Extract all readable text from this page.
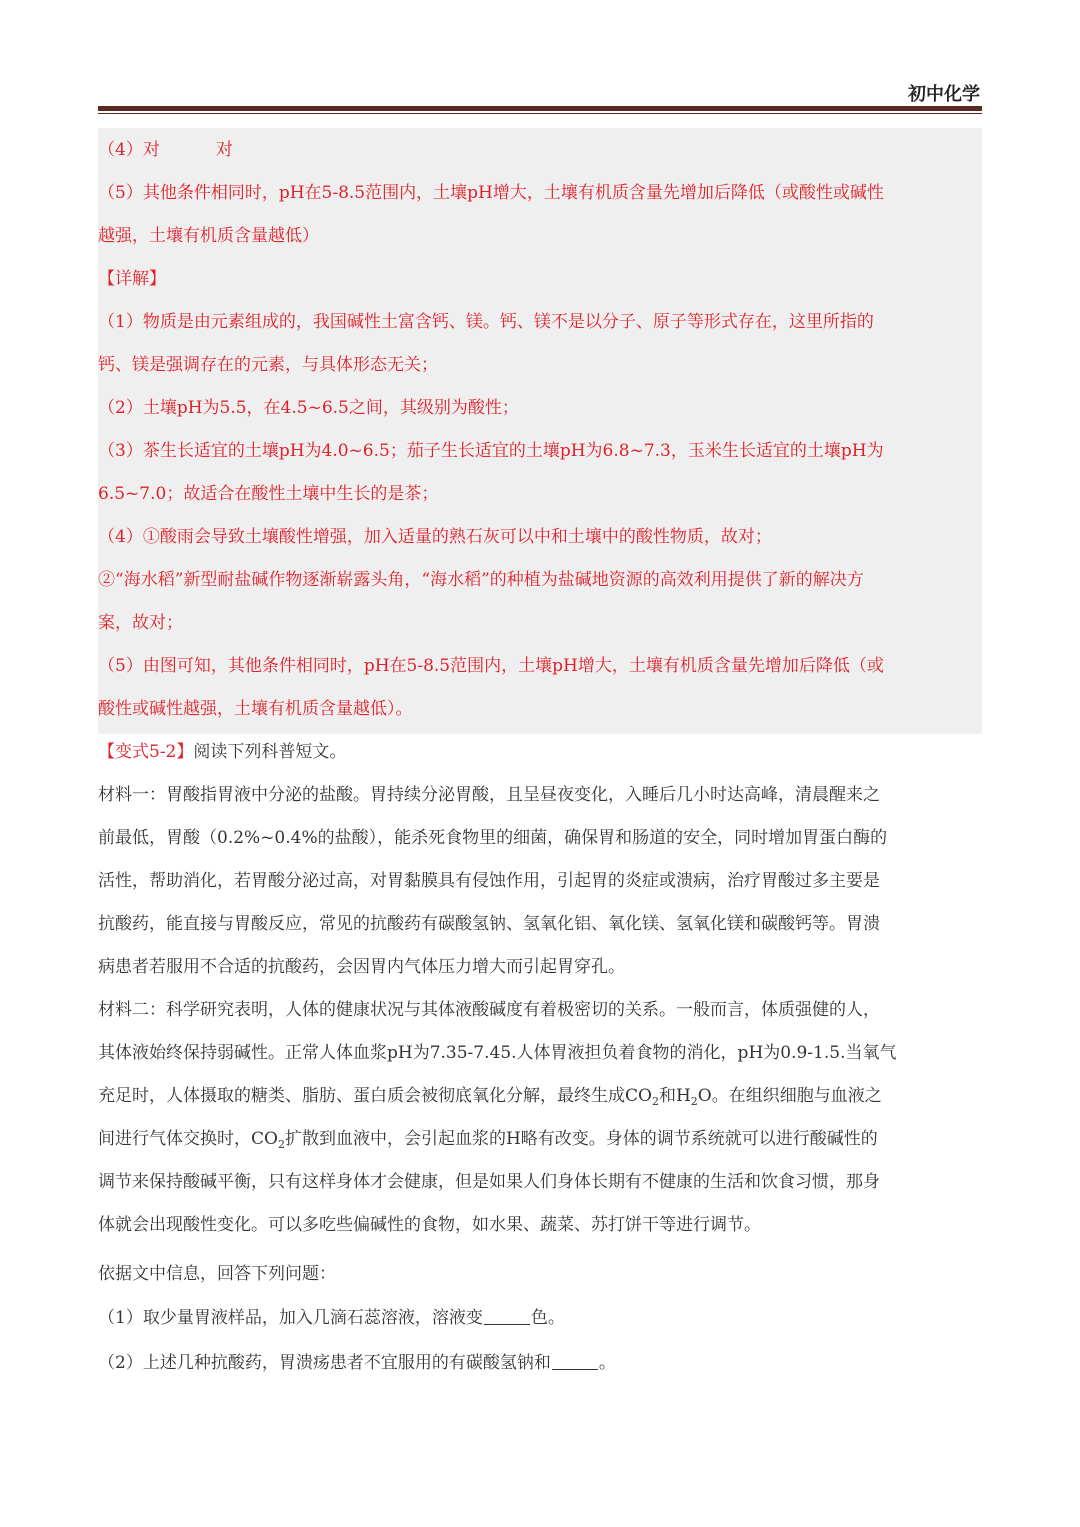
初中化学
（4）对	对
（5）其他条件相同时，pH在5-8.5范围内，土壤pH增大，土壤有机质含量先增加后降低（或酸性或碱性
越强，土壤有机质含量越低）
【详解】
（1）物质是由元素组成的，我国碱性土富含钙、镁。钙、镁不是以分子、原子等形式存在，这里所指的
钙、镁是强调存在的元素，与具体形态无关；
（2）土壤pH为5.5，在4.5~6.5之间，其级别为酸性；
（3）茶生长适宜的土壤pH为4.0~6.5；茄子生长适宜的土壤pH为6.8~7.3，玉米生长适宜的土壤pH为
6.5~7.0；故适合在酸性土壤中生长的是茶；
（4）①酸雨会导致土壤酸性增强，加入适量的熟石灰可以中和土壤中的酸性物质，故对；
②“海水稻”新型耐盐碱作物逐渐崭露头角，“海水稻”的种植为盐碱地资源的高效利用提供了新的解决方
案，故对；
（5）由图可知，其他条件相同时，pH在5-8.5范围内，土壤pH增大，土壤有机质含量先增加后降低（或
酸性或碱性越强，土壤有机质含量越低）。
【变式5-2】阅读下列科普短文。
材料一：胃酸指胃液中分泌的盐酸。胃持续分泌胃酸，且呈昼夜变化，入睡后几小时达高峰，清晨醒来之
前最低，胃酸（0.2%~0.4%的盐酸），能杀死食物里的细菌，确保胃和肠道的安全，同时增加胃蛋白酶的
活性，帮助消化，若胃酸分泌过高，对胃黏膜具有侵蚀作用，引起胃的炎症或溃病，治疗胃酸过多主要是
抗酸药，能直接与胃酸反应，常见的抗酸药有碳酸氢钠、氢氧化铝、氧化镁、氢氧化镁和碳酸钙等。胃溃
病患者若服用不合适的抗酸药，会因胃内气体压力增大而引起胃穿孔。
材料二：科学研究表明，人体的健康状况与其体液酸碱度有着极密切的关系。一般而言，体质强健的人，
其体液始终保持弱碱性。正常人体血浆pH为7.35-7.45.人体胃液担负着食物的消化，pH为0.9-1.5.当氧气
充足时，人体摄取的糖类、脂肪、蛋白质会被彻底氧化分解，最终生成$CO_2$和$H_2O$。在组织细胞与血液之
间进行气体交换时，$CO_2$扩散到血液中，会引起血浆的H略有改变。身体的调节系统就可以进行酸碱性的
调节来保持酸碱平衡，只有这样身体才会健康，但是如果人们身体长期有不健康的生活和饮食习惯，那身
体就会出现酸性变化。可以多吃些偏碱性的食物，如水果、蔬菜、苏打饼干等进行调节。
依据文中信息，回答下列问题：
（1）取少量胃液样品，加入几滴石蕊溶液，溶液变	色。
（2）上述几种抗酸药，胃溃疡患者不宜服用的有碳酸氢钠和	。
